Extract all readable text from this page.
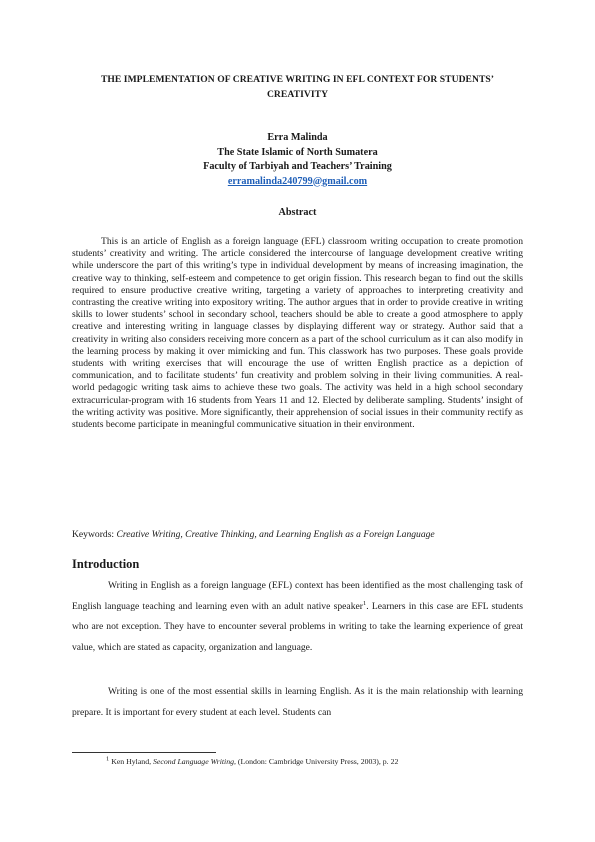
THE IMPLEMENTATION OF CREATIVE WRITING IN EFL CONTEXT FOR STUDENTS’ CREATIVITY
Erra Malinda
The State Islamic of North Sumatera
Faculty of Tarbiyah and Teachers’ Training
erramalinda240799@gmail.com
Abstract

This is an article of English as a foreign language (EFL) classroom writing occupation to create promotion students’ creativity and writing. The article considered the intercourse of language development creative writing while underscore the part of this writing’s type in individual development by means of increasing imagination, the creative way to thinking, self-esteem and competence to get origin fission. This research began to find out the skills required to ensure productive creative writing, targeting a variety of approaches to interpreting creativity and contrasting the creative writing into expository writing. The author argues that in order to provide creative in writing skills to lower students’ school in secondary school, teachers should be able to create a good atmosphere to apply creative and interesting writing in language classes by displaying different way or strategy. Author said that a creativity in writing also considers receiving more concern as a part of the school curriculum as it can also modify in the learning process by making it over mimicking and fun. This classwork has two purposes. These goals provide students with writing exercises that will encourage the use of written English practice as a depiction of communication, and to facilitate students’ fun creativity and problem solving in their living communities. A real-world pedagogic writing task aims to achieve these two goals. The activity was held in a high school secondary extracurricular-program with 16 students from Years 11 and 12. Elected by deliberate sampling. Students’ insight of the writing activity was positive. More significantly, their apprehension of social issues in their community rectify as students become participate in meaningful communicative situation in their environment.

Keywords: Creative Writing, Creative Thinking, and Learning English as a Foreign Language

Introduction

Writing in English as a foreign language (EFL) context has been identified as the most challenging task of English language teaching and learning even with an adult native speaker$^1$. Learners in this case are EFL students who are not exception. They have to encounter several problems in writing to take the learning experience of great value, which are stated as capacity, organization and language.

Writing is one of the most essential skills in learning English. As it is the main relationship with learning prepare. It is important for every student at each level. Students can

$^1$ Ken Hyland, Second Language Writing, (London: Cambridge University Press, 2003), p. 22
